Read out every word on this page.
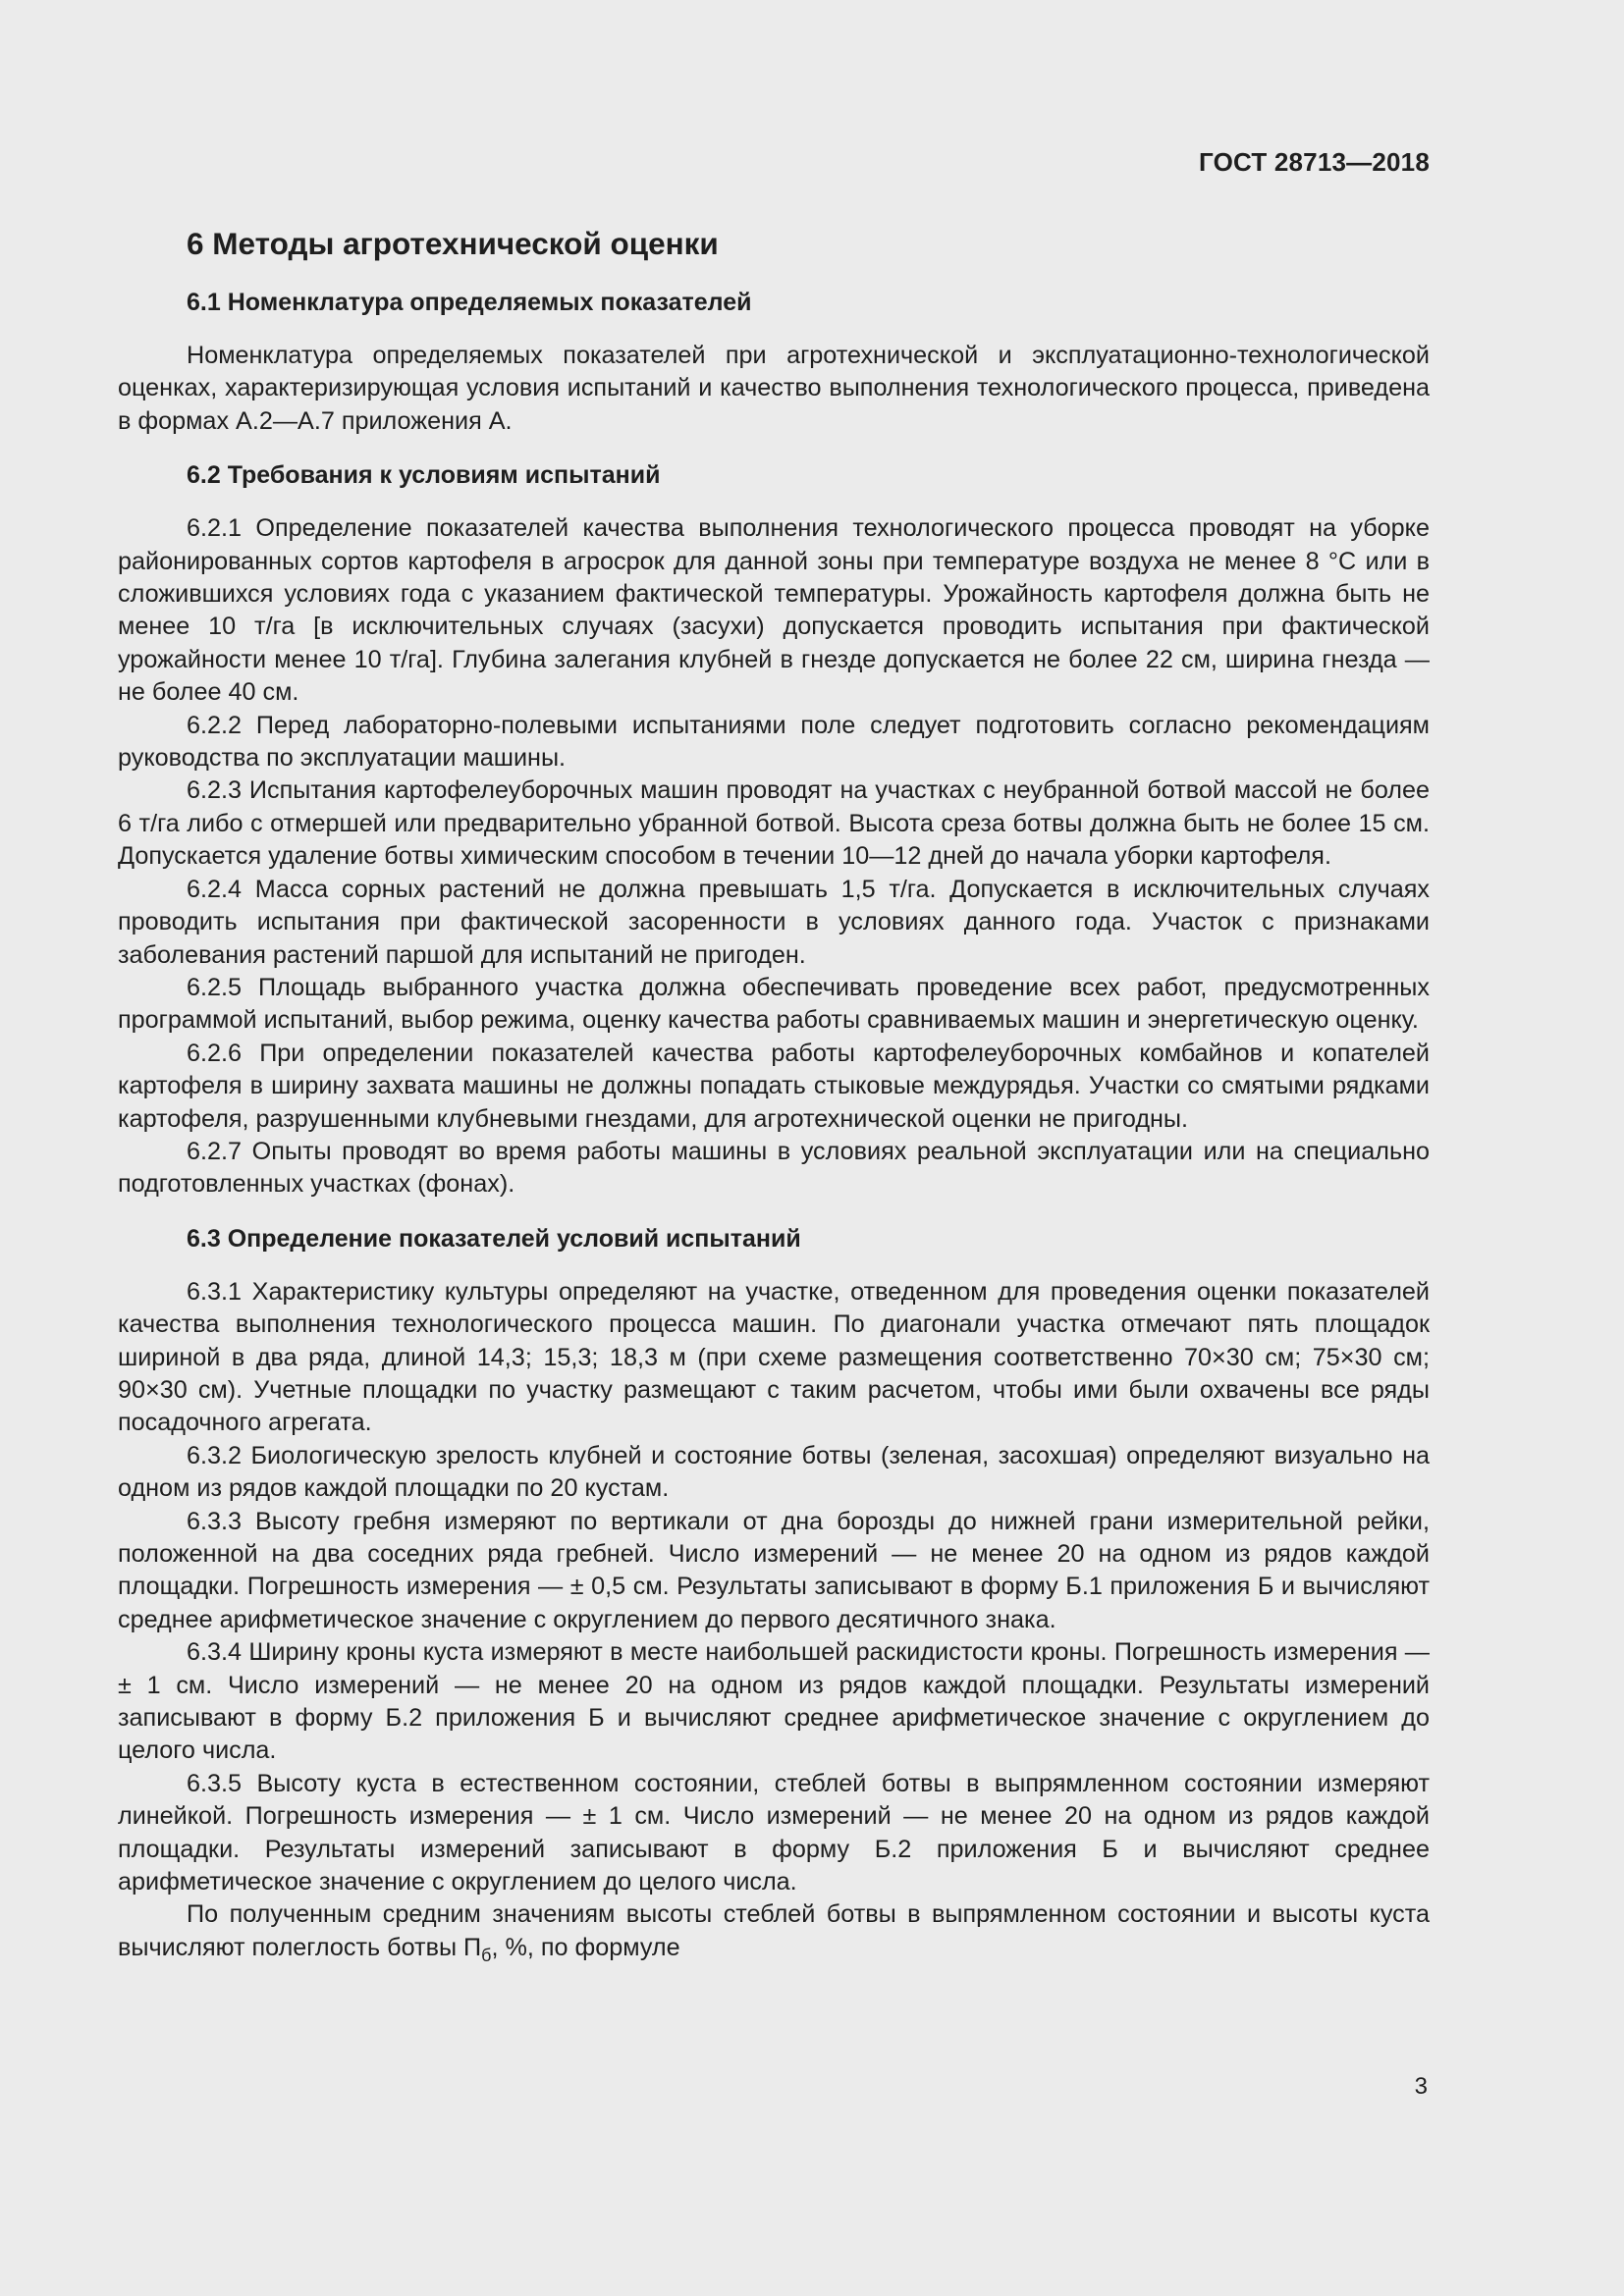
ГОСТ 28713—2018
6 Методы агротехнической оценки
6.1 Номенклатура определяемых показателей

Номенклатура определяемых показателей при агротехнической и эксплуатационно-технологической оценках, характеризирующая условия испытаний и качество выполнения технологического процесса, приведена в формах А.2—А.7 приложения А.

6.2 Требования к условиям испытаний

6.2.1 Определение показателей качества выполнения технологического процесса проводят на уборке районированных сортов картофеля в агросрок для данной зоны при температуре воздуха не менее 8 °С или в сложившихся условиях года с указанием фактической температуры. Урожайность картофеля должна быть не менее 10 т/га [в исключительных случаях (засухи) допускается проводить испытания при фактической урожайности менее 10 т/га]. Глубина залегания клубней в гнезде допускается не более 22 см, ширина гнезда — не более 40 см.

6.2.2 Перед лабораторно-полевыми испытаниями поле следует подготовить согласно рекомендациям руководства по эксплуатации машины.

6.2.3 Испытания картофелеуборочных машин проводят на участках с неубранной ботвой массой не более 6 т/га либо с отмершей или предварительно убранной ботвой. Высота среза ботвы должна быть не более 15 см. Допускается удаление ботвы химическим способом в течении 10—12 дней до начала уборки картофеля.

6.2.4 Масса сорных растений не должна превышать 1,5 т/га. Допускается в исключительных случаях проводить испытания при фактической засоренности в условиях данного года. Участок с признаками заболевания растений паршой для испытаний не пригоден.

6.2.5 Площадь выбранного участка должна обеспечивать проведение всех работ, предусмотренных программой испытаний, выбор режима, оценку качества работы сравниваемых машин и энергетическую оценку.

6.2.6 При определении показателей качества работы картофелеуборочных комбайнов и копателей картофеля в ширину захвата машины не должны попадать стыковые междурядья. Участки со смятыми рядками картофеля, разрушенными клубневыми гнездами, для агротехнической оценки не пригодны.

6.2.7 Опыты проводят во время работы машины в условиях реальной эксплуатации или на специально подготовленных участках (фонах).

6.3 Определение показателей условий испытаний

6.3.1 Характеристику культуры определяют на участке, отведенном для проведения оценки показателей качества выполнения технологического процесса машин. По диагонали участка отмечают пять площадок шириной в два ряда, длиной 14,3; 15,3; 18,3 м (при схеме размещения соответственно 70×30 см; 75×30 см; 90×30 см). Учетные площадки по участку размещают с таким расчетом, чтобы ими были охвачены все ряды посадочного агрегата.

6.3.2 Биологическую зрелость клубней и состояние ботвы (зеленая, засохшая) определяют визуально на одном из рядов каждой площадки по 20 кустам.

6.3.3 Высоту гребня измеряют по вертикали от дна борозды до нижней грани измерительной рейки, положенной на два соседних ряда гребней. Число измерений — не менее 20 на одном из рядов каждой площадки. Погрешность измерения — ± 0,5 см. Результаты записывают в форму Б.1 приложения Б и вычисляют среднее арифметическое значение с округлением до первого десятичного знака.

6.3.4 Ширину кроны куста измеряют в месте наибольшей раскидистости кроны. Погрешность измерения — ± 1 см. Число измерений — не менее 20 на одном из рядов каждой площадки. Результаты измерений записывают в форму Б.2 приложения Б и вычисляют среднее арифметическое значение с округлением до целого числа.

6.3.5 Высоту куста в естественном состоянии, стеблей ботвы в выпрямленном состоянии измеряют линейкой. Погрешность измерения — ± 1 см. Число измерений — не менее 20 на одном из рядов каждой площадки. Результаты измерений записывают в форму Б.2 приложения Б и вычисляют среднее арифметическое значение с округлением до целого числа.

По полученным средним значениям высоты стеблей ботвы в выпрямленном состоянии и высоты куста вычисляют полеглость ботвы $П_б$, %, по формуле

3
